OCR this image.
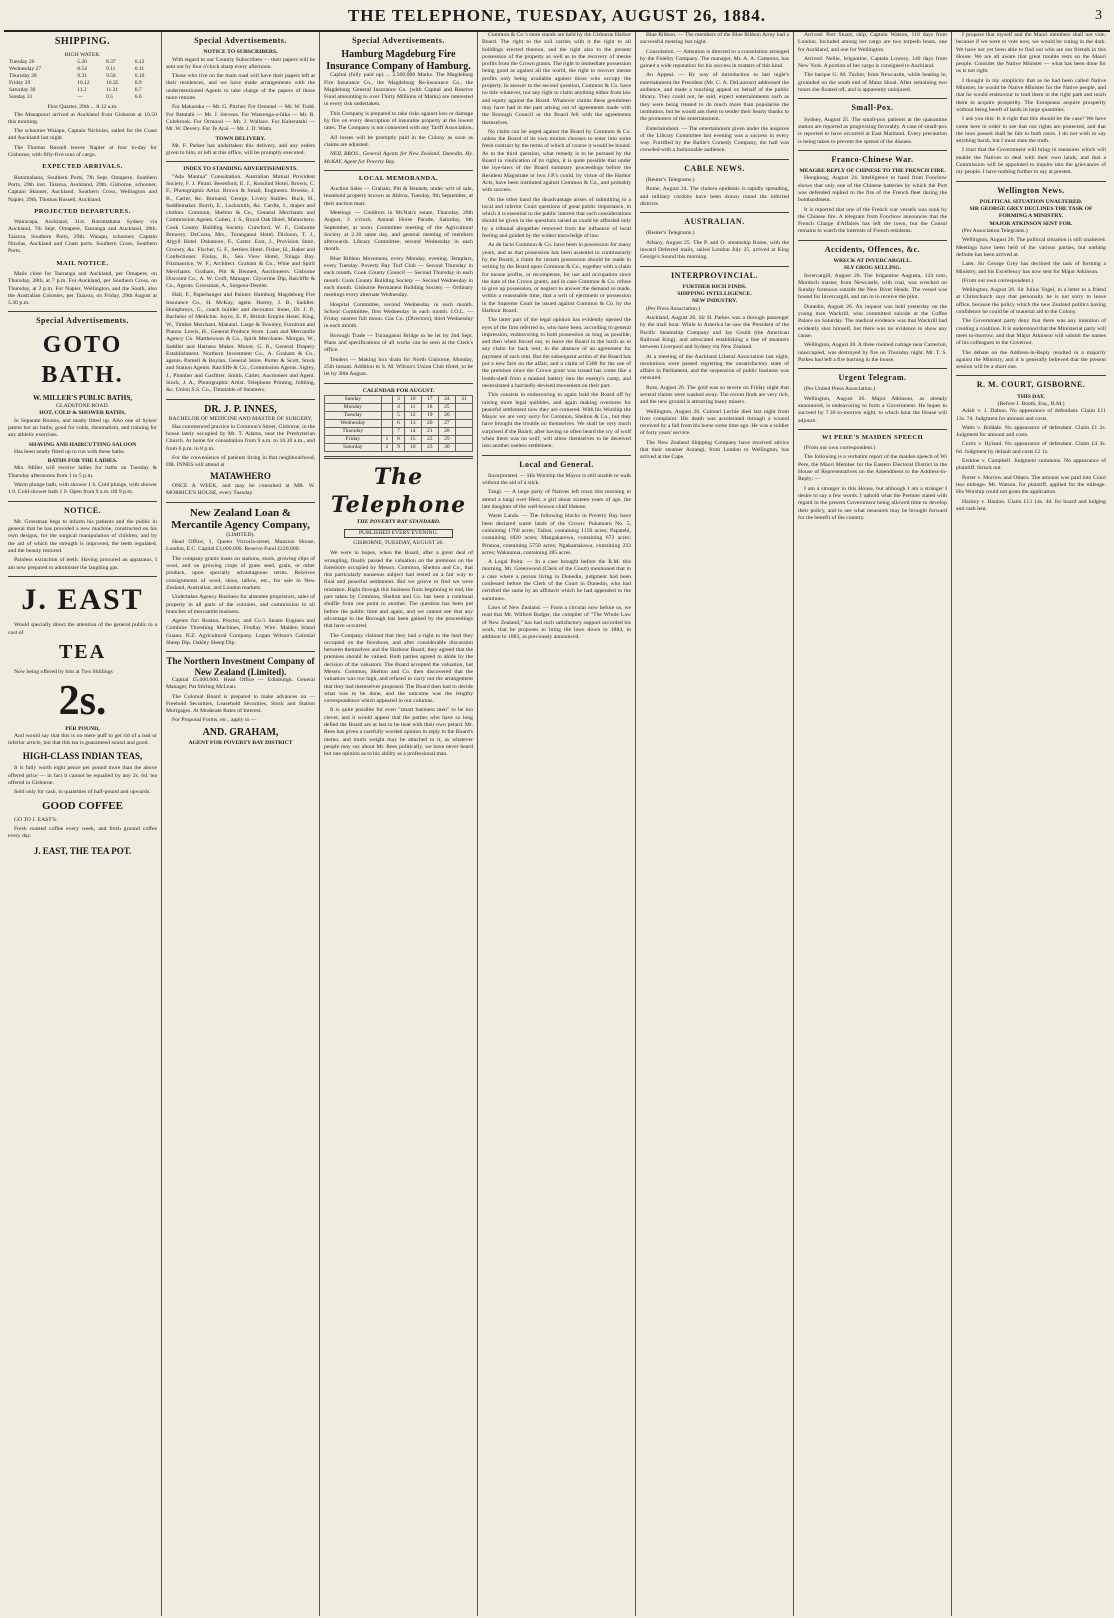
THE TELEPHONE, TUESDAY, AUGUST 26, 1884.	3
SHIPPING.
HIGH WATER.
Tuesday 26	5.20	8.37	6.12
Wednesday 27	8.54	9.11	6.11
Thursday 28	9.31	9.50	6.10
Friday 29	10.12	10.35	6.9
Saturday 30	11.2	11.31	6.7
Sunday 31	—	0.5	6.6
First Quarter, 29th ... 8.12 a.m.

The Manapouri arrived at Auckland from Gisborne at 10.50 this morning.

The schooner Waiapu, Captain Nicholas, sailed for the Coast and Auckland last night.

The Thomas Russell leaves Napier at four to-day for Gisborne, with fifty-five tons of cargo.

EXPECTED ARRIVALS.

Rotomahana, Southern Ports, 7th Sept. Omapere, Southern Ports, 29th inst. Taiaroa, Auckland, 29th. Gisborne, schooner, Captain Skinner, Auckland. Southern Cross, Wellington and Napier, 29th. Thomas Russell, Auckland.

PROJECTED DEPARTURES.

Wairarapa, Auckland, 31st. Rotomahana Sydney via Auckland, 7th Sept. Omapere, Tauranga and Auckland, 28th. Taiaroa, Southern Ports, 29th. Waiapu, schooner, Captain Nicolas, Auckland and Coast ports. Southern Cross, Southern Ports.

MAIL NOTICE.

Mails close for Tauranga and Auckland, per Omapere, on Thursday, 28th, at 7 p.m. For Auckland, per Southern Cross, on Thursday, at 2 p.m. For Napier, Wellington, and the South, also the Australian Colonies, per Taiaroa, on Friday, 29th August at 5.30 p.m.

Special Advertisements.
GOTO BATH.
W. MILLER'S PUBLIC BATHS,
GLADSTONE ROAD.
HOT, COLD & SHOWER BATHS,

In Separate Rooms, and neatly fitted up. Also one of Sykes' patent hot air baths, good for colds, rheumatism, and training for any athletic exercises.

SHAVING AND HAIRCUTTING SALOON

Has been neatly fitted up to run with these baths.

BATHS FOR THE LADIES.

Mrs. Miller will receive ladies for baths on Tuesday & Thursday afternoons from 1 to 5 p.m.

Warm plunge bath, with shower 1 6. Cold plunge, with shower 1 0. Cold shower bath 1 0. Open from 9 a.m. till 9 p.m.

NOTICE.

Mr. Grossman begs to inform his patients and the public in general that he has provided a new machine, constructed on his own designs, for the surgical manipulation of children, and by the aid of which the strength is improved, the teeth regulated, and the beauty restored.

Painless extraction of teeth. Having procured an apparatus, I am now prepared to administer the laughing gas.

J. EAST

Would specially direct the attention of the general public to a cost of

TEA

Now being offered by him at Two Shillings

2s.
PER POUND,

And would say that this is no mere puff to get rid of a bad or inferior article, but that this tea is guaranteed sound and good.

HIGH-CLASS INDIAN TEAS,

It is fully worth eight pence per pound more than the above offered price — in fact it cannot be equalled by any 2s. 6d. tea offered in Gisborne.

Sold only for cash, in quantities of half-pound and upwards.

GOOD COFFEE

GO TO J. EAST'S.

Fresh roasted coffee every week, and fresh ground coffee every day.

J. EAST, THE TEA POT.
Special Advertisements.
NOTICE TO SUBSCRIBERS.

With regard to our Country Subscribers — their papers will be sent out by four o'clock sharp every afternoon.

Those who live on the main road will have their papers left at their residences, and we have made arrangements with the undermentioned Agents to take charge of the papers of those more remote.

For Makaraka — Mr. G. Pitcher. For Ormond — Mr. W. Todd. For Patutahi — Mr. J. Stevens. For Waerenga-a-hika — Mr. R. Colebrook. For Ormond — Mr. J. Wallace. For Kaiteratahi — Mr. W. Devery. For Te Arai — Mr. J. D. Watts.

TOWN DELIVERY.

Mr. F. Parker has undertaken this delivery, and any orders given to him, or left at this office, will be promptly executed.

INDEX TO STANDING ADVERTISEMENTS.

"Ada Mantua" Consultation. Australian Mutual Provident Society, F. J. Pirani. Beresford, E. J., Rosslind Hotel. Brown, C. F., Photographic Artist. Brown & Small, Engineers. Brooke, J. B., Carter, &c. Burnand, George, Livery Stables. Buck, H., Saddlemaker. Burch, E., Locksmith, &c. Cardle, J., draper and clothier. Common, Shelton & Co., General Merchants and Commission Agents. Cohen, J. S., Royal Oak Hotel, Matawhero. Cook County Building Society. Crawford, W. F., Gisborne Brewery. DeCosta, Mrs., Turanganui Hotel. Dickson, T. J., Argyll Hotel. Dolamore, F., Carter. East, J., Provision Store, Grocery, &c. Fischer, G. F., Settlers Hotel. Fisher, H., Baker and Confectioner. Finlay, R., Sea View Hotel, Tolaga Bay. Fitzmaurice, W. F., Architect. Graham & Co., Wine and Spirit Merchants. Graham, Pitt & Bennett, Auctioneers. Gisborne Discount Co., A. W. Croft, Manager. Glycerine Dip, Ratcliffe & Co., Agents. Grossman, A., Surgeon-Dentist.

Hall, F., Paperhanger and Painter. Hamburg Magdeburg Fire Insurance Co., H. McKay, agent. Hurrey, J. B., Saddler. Humphreys, G., coach builder and decorator. Innes, Dr. J. P., Bachelor of Medicine. Joyce, E. P., British Empire Hotel. King, W., Timber Merchant, Makauri. Large & Townley, Furniture and Pianos. Lewis, H., General Produce Store. Loan and Mercantile Agency Co. Matthewson & Co., Spirit Merchants. Morgan, W., Saddler and Harness Maker. Moore, G. R., General Drapery Establishment. Northern Investment Co., A. Graham & Co., agents. Parnell & Boylan, General Store. Porter & Scott, Stock and Station Agents. Ratcliffe & Co., Commission Agents. Sigley, J., Plumber and Gasfitter. Smith, Carter, Auctioneer and Agent. Stock, J. A., Photographic Artist. Telephone Printing, Jobbing, &c. Union S.S. Co., Timetable of Steamers.

DR. J. P. INNES,
BACHELOR OF MEDICINE AND MASTER OF SURGERY,

Has commenced practice in Common's Street, Gisborne, in the house lately occupied by Mr. T. Adams, near the Presbyterian Church. At home for consultation from 9 a.m. to 10.30 a.m., and from 6 p.m. to 8 p.m.

For the convenience of patients living in that neighbourhood, DR. INNES will attend at

MATAWHERO

ONCE A WEEK, and may be consulted at MR. W. MORRICE'S HOUSE, every Tuesday.

New Zealand Loan & Mercantile Agency Company,
(LIMITED).

Head Office, 1, Queen Victoria-street, Mansion House, London, E.C. Capital £3,000,000. Reserve Fund £220,000.

The company grants loans on stations, stock, growing clips of wool, and on growing crops of grass seed, grain, or other produce, upon specially advantageous terms. Receives consignments of wool, skins, tallow, etc., for sale in New Zealand, Australian, and London markets.

Undertakes Agency Business for absentee proprietors, sales of property in all parts of the colonies, and commission in all branches of mercantile business.

Agents for: Ruston, Proctor, and Co.'s Steam Engines and Combine Threshing Machines, Findlay Wire. Maiden Island Guano. N.Z. Agricultural Company. Logan Wilson's Colonial Sheep Dip. Oakley Sheep Dip.

The Northern Investment Company of New Zealand (Limited).

Capital £5,000,000. Head Office — Edinburgh. General Manager, Pat Stirling McLean.

The Colonial Board is prepared to make advances on — Freehold Securities, Leasehold Securities, Stock and Station Mortgages. At Moderate Rates of Interest.

For Proposal Forms, etc., apply to —

AND. GRAHAM,
AGENT FOR POVERTY BAY DISTRICT
Special Advertisements.
Hamburg Magdeburg Fire Insurance Company of Hamburg.

Capital (fully paid up) ... 2,500,000 Marks. The Magdeburg Fire Insurance Co., the Magdeburg Re-insurance Co., the Magdeburg General Insurance Co. (with Capital and Reserve Fund amounting to over Thirty Millions of Marks) are interested in every risk undertaken.

This Company is prepared to take risks against loss or damage by fire on every description of insurable property at the lowest rates. The Company is not connected with any Tariff Association.

All losses will be promptly paid in the Colony as soon as claims are adjusted.

NEIL BROS., General Agents for New Zealand, Dunedin. Hy. McKAY, Agent for Poverty Bay.

LOCAL MEMORANDA.

Auction Sales — Graham, Pitt & Bennett, under writ of sale, leasehold property known as Ahiroa, Tuesday, 9th September, at their auction mart.

Meetings — Creditors in McNab's estate, Thursday, 28th August, 3 o'clock. Annual Horse Parade, Saturday, 6th September, at noon. Committee meeting of the Agricultural Society at 2.30 same day, and general meeting of members afterwards. Library Committee, second Wednesday in each month.

Blue Ribbon Movement, every Monday, evening. Templars, every Tuesday. Poverty Bay Turf Club — Second Thursday in each month. Cook County Council — Second Thursday in each month. Cook County Building Society — Second Wednesday in each month. Gisborne Permanent Building Society — Ordinary meetings every alternate Wednesday.

Hospital Committee, second Wednesday in each month. School Committee, first Wednesday in each month. I.O.L. — Friday nearest full moon. Gas Co. (Directors), third Wednesday in each month.

Borough Trade — Turanganui Bridge to be let by 2nd Sept. Plans and specifications of all works can be seen at the Clerk's office.

Tenders — Making box drain for North Gisborne, Monday, 25th instant. Addition to S. M. Wilson's Union Club Hotel, to be let by 30th August.

CALENDAR FOR AUGUST.
Sunday		3	10	17	24	31
Monday		4	11	18	25	
Tuesday		5	12	19	26	
Wednesday		6	13	20	27	
Thursday		7	14	21	28	
Friday	1	8	15	22	29	
Saturday	2	9	16	23	30	
The Telephone
THE POVERTY BAY STANDARD.
PUBLISHED EVERY EVENING.
GISBORNE, TUESDAY, AUGUST 26.

We were in hopes, when the Board, after a great deal of wrangling, finally passed the valuation on the premises on the foreshore occupied by Messrs. Common, Shelton and Co., that this particularly nauseous subject had rested on a fair way to final and peaceful settlement. But we grieve to find we were mistaken. Right through this business from beginning to end, the part taken by Common, Shelton and Co. has been a continual shuffle from one point to another. The question has been put before the public time and again, and we cannot see that any advantage to the Borough has been gained by the proceedings that have occurred.

The Company claimed that they had a right to the land they occupied on the foreshore, and after considerable discussion between themselves and the Harbour Board, they agreed that the premises should be valued. Both parties agreed to abide by the decision of the valuators. The Board accepted the valuation, but Messrs. Common, Shelton and Co. then discovered that the valuation was too high, and refused to carry out the arrangement that they had themselves proposed. The Board then had to decide what was to be done, and the outcome was the lengthy correspondence which appeared in our columns.

It is quite possible for even "smart business men" to be too clever, and it would appear that the parties who have so long defied the Board are at last to be beat with their own petard. Mr. Rees has given a carefully worded opinion in reply to the Board's memo, and much weight may be attached to it, as whatever people may say about Mr. Rees politically, we have never heard but one opinion as to his ability as a professional man.

Common & Co.'s store stands are held by the Gisborne Harbor Board. The right to the soil carries with it the right to all buildings erected thereon, and the right also to the present possession of the property as well as to the recovery of mesne profits from the Crown grants. The right to immediate possession being good as against all the world, the right to recover mesne profits only being available against those who occupy the property. In answer to the second question, Common & Co. have no title whatever, nor any right to claim anything either from law and equity against the Board. Whatever claims these gentlemen may have had in the past arising out of agreements made with the Borough Council or the Board fell with the agreements themselves.

No claim can be urged against the Board by Common & Co. unless the Board of its own motion chooses to enter into some fresh contract by the terms of which of course it would be bound. As to the third question, what remedy is to be pursued by the Board in vindication of its rights, it is quite possible that under the bye-laws of the Board summary proceedings before the Resident Magistrate or two J.P.'s could, by virtue of the Harbor Acts, have been instituted against Common & Co., and probably with success.

On the other hand the disadvantage arises of submitting to a local and inferior Court questions of great public importance, in which it is essential to the public interest that such considerations should be given in the questions raised as could be afforded only by a tribunal altogether removed from the influence of local feeling and guided by the widest knowledge of law.

As de facto Common & Co. have been in possession for many years, and as that possession has been assented to continuously by the Board, a claim for instant possession should be made in writing by the Board upon Common & Co., together with a claim for mesne profits, or recompense, for use and occupation since the date of the Crown grants, and in case Common & Co. refuse to give up possession, or neglect to answer the demand so made, within a reasonable time, that a writ of ejectment or possession in the Supreme Court be issued against Common & Co. by the Harbour Board.

The latter part of the legal opinion has evidently opened the eyes of the firm referred to, who have been, according to general impression, endeavoring to hold possession as long as possible, and then when forced out, to leave the Board in the lurch as to any claim for back rent, in the absence of an agreement for payment of such rent. But the subsequent action of the Board has put a new face on the affair, and a claim of £300 for the use of the premises since the Crown grant was issued has come like a bomb-shell from a masked battery into the enemy's camp, and necessitated a hurriedly-devised movement on their part.

This consists in endeavoring to again hold the Board off by raising more legal quibbles, and again making overtures for peaceful settlement now they are cornered. With his Worship the Mayor we are very sorry for Common, Shelton & Co., but they have brought the trouble on themselves. We shall be very much surprised if the Board, after having so often heard the cry of wolf when there was no wolf, will allow themselves to be deceived into another useless settlement.

Local and General.

Incorporated. — His Worship the Mayor is still unable to walk without the aid of a stick.

Tangi. — A large party of Natives left town this morning to attend a tangi over Heni, a girl about sixteen years of age, the late daughter of the well-known chief Hatene.

Waste Lands. — The following blocks in Poverty Bay have been declared waste lands of the Crown: Pukamaru No. 5, containing 1760 acres; Taihai, containing 1150 acres; Papatehi, containing 1820 acres; Mangakarewa, containing 673 acres; Piranoa, containing 5750 acres; Ngakamakawa, containing 233 acres; Wakaunua, containing 285 acres.

A Legal Point. — In a case brought before the R.M. this morning, Mr. Greenwood (Clerk of the Court) mentioned that in a case where a person living in Dunedin, judgment had been confessed before the Clerk of the Court in Dunedin, who had certified the same by an affidavit which he had appended to the summons.

Laws of New Zealand. — From a circular now before us, we read that Mr. Wilfred Badger, the compiler of "The Whole Law of New Zealand," has had such satisfactory support accorded his work, that he proposes to bring the laws down to 1884, in addition to 1883, as previously announced.

Blue Ribbon. — The members of the Blue Ribbon Army had a successful meeting last night.

Consolation. — Attention is directed to a consolation arranged by the Fidelity Company. The manager, Mr. A. A. Cameron, has gained a wide reputation for his success in matters of this kind.

An Appeal. — By way of introduction to last night's entertainment the President (Mr. C. A. DeLautour) addressed the audience, and made a touching appeal on behalf of the public library. They could not, he said, expect entertainments such as they were being treated to do much more than popularise the institution, but he would ask them to tender their hearty thanks to the promoters of the entertainment.

Entertainment. — The entertainment given under the auspices of the Library Committee last evening was a success in every way. Fortified by the Bailie's Comedy Company, the hall was crowded with a fashionable audience.

CABLE NEWS.

(Reuter's Telegrams.)

Rome, August 24. The cholera epidemic is rapidly spreading, and military cordons have been drawn round the infected districts.

AUSTRALIAN.

(Reuter's Telegrams.)

Albany, August 25. The P. and O. steamship Rome, with the inward Deferred mails, sailed London July 25, arrived at King George's Sound this morning.

INTERPROVINCIAL.
FURTHER RICH FINDS.
SHIPPING INTELLIGENCE.
NEW INDUSTRY.

(Per Press Association.)

Auckland, August 26. Sir H. Parkes was a through passenger by the mail boat. While in America he saw the President of the Pacific Steamship Company and Jay Gould (the American Railroad King), and advocated establishing a line of steamers between Liverpool and Sydney via New Zealand.

At a meeting of the Auckland Liberal Association last night, resolutions were passed regretting the unsatisfactory state of affairs in Parliament, and the suspension of public business was censured.

Ross, August 26. The gold was so severe on Friday night that several claims were washed away. The recent finds are very rich, and the new ground is attracting many miners.

Wellington, August 26. Colonel Lechie died last night from liver complaint. His death was accelerated through a wound received by a fall from his horse some time ago. He was a soldier of forty years' service.

The New Zealand Shipping Company have received advice that their steamer Aorangi, from London to Wellington, has arrived at the Cape.

Arrived: Port Stuart, ship, Captain Watson, 110 days from London. Included among her cargo are two torpedo boats, one for Auckland, and one for Wellington.

Arrived: Nellie, brigantine, Captain Lowery, 140 days from New York. A portion of her cargo is consigned to Auckland.

The barque G. M. Tucker, from Newcastle, while beating in, grounded on the south end of Mana Shoal. After remaining two hours she floated off, and is apparently uninjured.

Small-Pox.

Sydney, August 25. The small-pox patients at the quarantine station are reported as progressing favorably. A case of small-pox is reported to have occurred at East Maitland. Every precaution is being taken to prevent the spread of the disease.

Franco-Chinese War.
MEAGRE REPLY OF CHINESE TO THE FRENCH FIRE.

Hongkong, August 24. Intelligence to hand from Foochow shows that only one of the Chinese batteries by which the Port was defended replied to the fire of the French fleet during the bombardment.

It is reported that one of the French war vessels was sunk by the Chinese fire. A telegram from Foochow announces that the French Charge d'Affaires has left the town, but the Consul remains to watch the interests of French residents.

Accidents, Offences, &c.
WRECK AT INVERCARGILL.
SLY GROG SELLING.

Invercargill, August 26. The brigantine Augusta, 124 tons, Murdoch master, from Newcastle, with coal, was wrecked on Sunday forenoon outside the New River Heads. The vessel was bound for Invercargill, and ran in to receive the pilot.

Dunedin, August 26. An inquest was held yesterday on the young man Wackrill, who committed suicide at the Coffee Palace on Saturday. The medical evidence was that Wackrill had evidently shot himself, but there was no evidence to show any cause.

Wellington, August 26. A three roomed cottage near Carterton, unoccupied, was destroyed by fire on Thursday night. Mr. T. S. Parkes had left a fire burning in the house.

Urgent Telegram.

(Per United Press Association.)

Wellington, August 26. Major Atkinson, as already announced, is endeavoring to form a Government. He hopes to succeed by 7.30 to-morrow night, to which hour the House will adjourn.

WI PERE'S MAIDEN SPEECH

(From our own correspondent.)

The following is a verbatim report of the maiden speech of Wi Pere, the Maori Member for the Eastern Electoral District in the House of Representatives on the Amendment to the Address-in-Reply: —

I am a stranger to this House, but although I am a stranger I desire to say a few words. I uphold what the Premier stated with regard to the present Government being allowed time to develop their policy, and to see what measures may be brought forward for the benefit of the country.

I propose that myself and the Maori members shall not vote, because if we were to vote now, we would be voting in the dark. We have not yet been able to find out who are our friends in this House. We are all aware that great trouble rests on the Maori people. Consider the Native Minister — what has been done for us is not right.

I thought in my simplicity that as he had been called Native Minister, he would be Native Minister for the Native people, and that he would endeavour to lead them in the right path and teach them to acquire prosperity. The Europeans acquire prosperity without being bereft of lands in large quantities.

I ask you this: Is it right that this should be the case? We have come here in order to see that our rights are protected, and that the laws passed shall be fair to both races. I do not wish to say anything harsh, but I must state the truth.

I trust that the Government will bring in measures which will enable the Natives to deal with their own lands, and that a Commission will be appointed to inquire into the grievances of my people. I have nothing further to say at present.

Wellington News.
POLITICAL SITUATION UNALTERED.
SIR GEORGE GREY DECLINES THE TASK OF FORMING A MINISTRY.
MAJOR ATKINSON SENT FOR.

(Per Association Telegrams.)

Wellington, August 26. The political situation is still unaltered. Meetings have been held of the various parties, but nothing definite has been arrived at.

Later. Sir George Grey has declined the task of forming a Ministry, and his Excellency has now sent for Major Atkinson.

(From our own correspondent.)

Wellington, August 26. Sir Julius Vogel, in a letter to a friend at Christchurch says that personally he is not sorry to leave office, because the policy which the new Zealand politics having confidence he could be of material aid to the Colony.

The Government party deny that there was any intention of creating a coalition. It is understood that the Ministerial party will meet to-morrow, and that Major Atkinson will submit the names of his colleagues to the Governor.

The debate on the Address-in-Reply resulted in a majority against the Ministry, and it is generally believed that the present session will be a short one.

R. M. COURT, GISBORNE.
THIS DAY.
(Before J. Booth, Esq., R.M.)

Adair v. J. Dalton. No appearance of defendant. Claim £11 13s. 7d. Judgment for amount and costs.

Watts v. Biddale. No appearance of defendant. Claim £1 2s. Judgment for amount and costs.

Curtis v. Hyland. No appearance of defendant. Claim £4 3s. 6d. Judgment by default and costs £1 1s.

Erskine v. Campbell. Judgment summons. No appearance of plaintiff. Struck out.

Porter v. Morrow and Others. The amount was paid into Court less mileage. Mr. Watson, for plaintiff, applied for the mileage. His Worship could not grant the application.

Hackey v. Hanlon. Claim £13 14s. 4d. for board and lodging and cash lent.
